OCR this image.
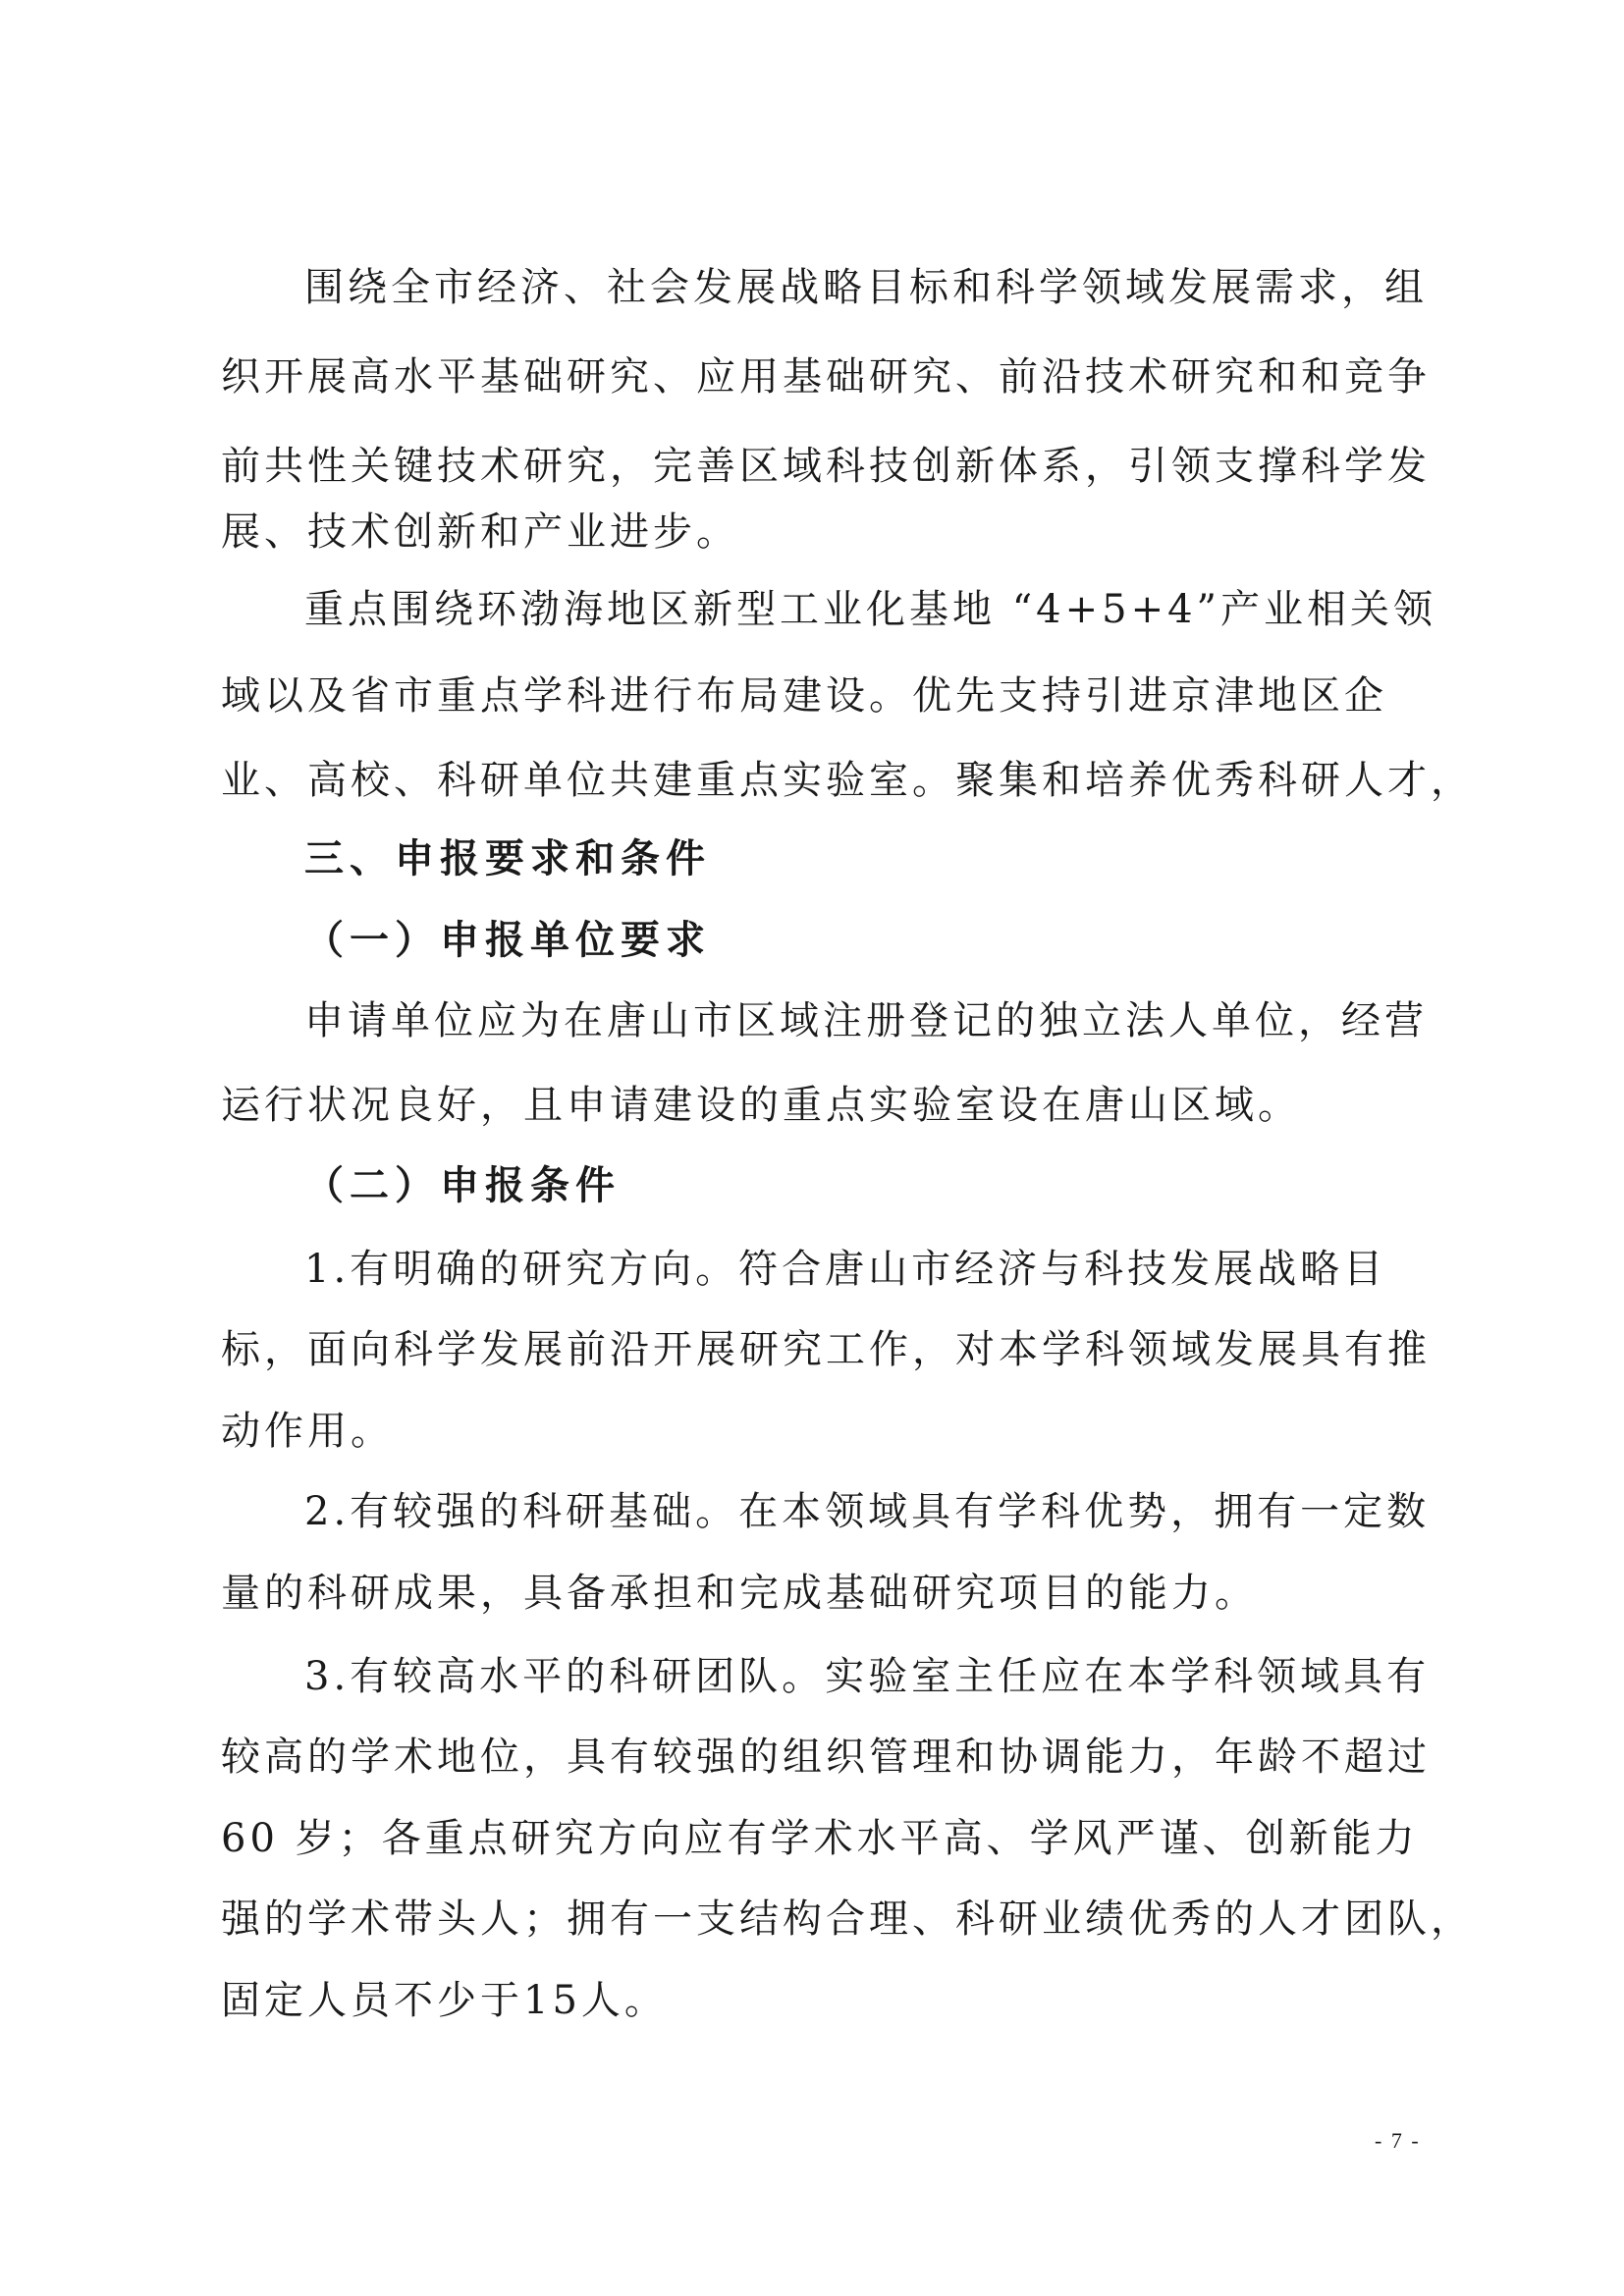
围绕全市经济、社会发展战略目标和科学领域发展需求，组
织开展高水平基础研究、应用基础研究、前沿技术研究和和竞争
前共性关键技术研究，完善区域科技创新体系，引领支撑科学发
展、技术创新和产业进步。
重点围绕环渤海地区新型工业化基地 “4+5+4”产业相关领
域以及省市重点学科进行布局建设。优先支持引进京津地区企
业、高校、科研单位共建重点实验室。聚集和培养优秀科研人才，
三、申报要求和条件
（一）申报单位要求
申请单位应为在唐山市区域注册登记的独立法人单位，经营
运行状况良好，且申请建设的重点实验室设在唐山区域。
（二）申报条件
1.有明确的研究方向。符合唐山市经济与科技发展战略目
标，面向科学发展前沿开展研究工作，对本学科领域发展具有推
动作用。
2.有较强的科研基础。在本领域具有学科优势，拥有一定数
量的科研成果，具备承担和完成基础研究项目的能力。
3.有较高水平的科研团队。实验室主任应在本学科领域具有
较高的学术地位，具有较强的组织管理和协调能力，年龄不超过
60 岁；各重点研究方向应有学术水平高、学风严谨、创新能力
强的学术带头人；拥有一支结构合理、科研业绩优秀的人才团队，
固定人员不少于15人。
- 7 -
